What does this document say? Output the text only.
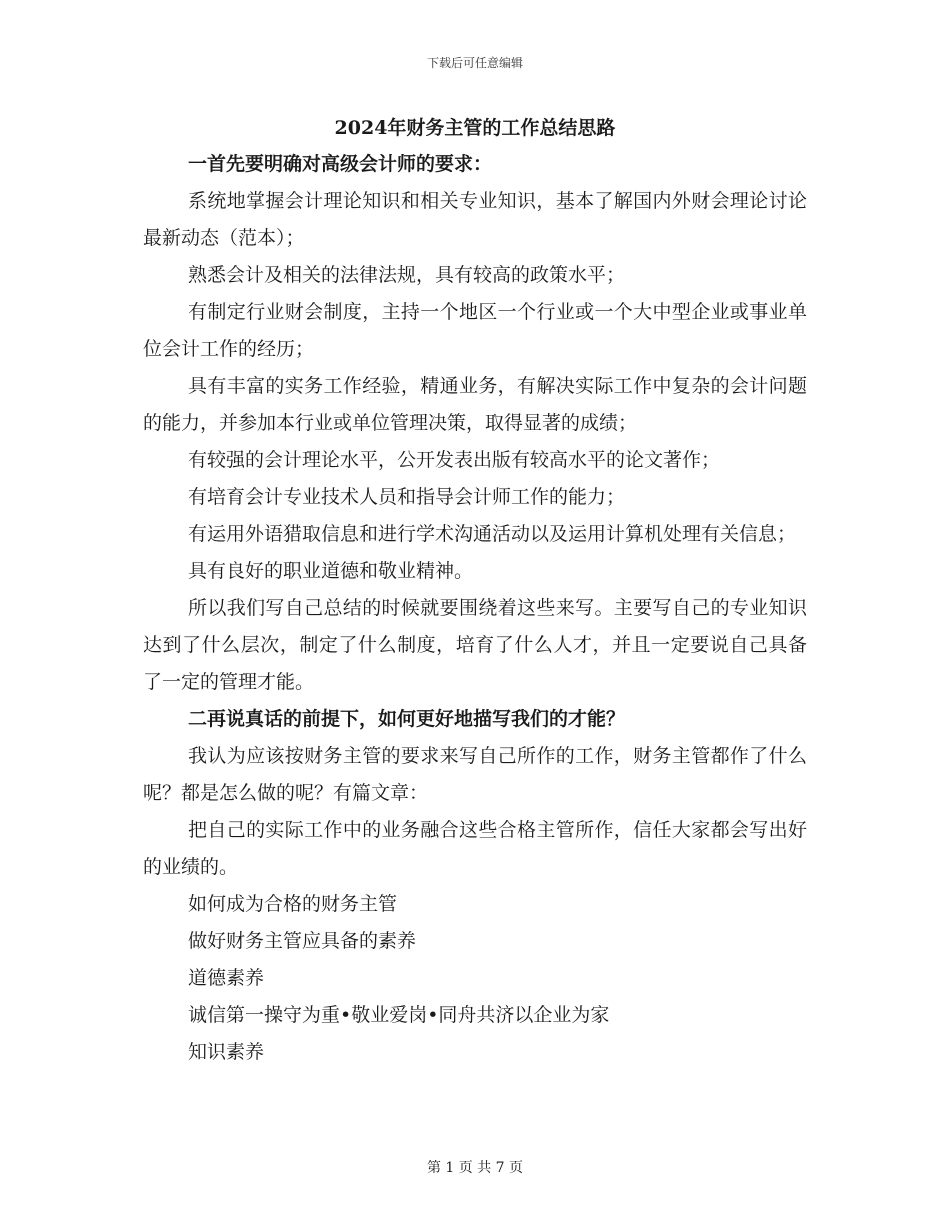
下载后可任意编辑
2024年财务主管的工作总结思路

一首先要明确对高级会计师的要求：

系统地掌握会计理论知识和相关专业知识，基本了解国内外财会理论讨论最新动态（范本）；

熟悉会计及相关的法律法规，具有较高的政策水平；

有制定行业财会制度，主持一个地区一个行业或一个大中型企业或事业单位会计工作的经历；

具有丰富的实务工作经验，精通业务，有解决实际工作中复杂的会计问题的能力，并参加本行业或单位管理决策，取得显著的成绩；

有较强的会计理论水平，公开发表出版有较高水平的论文著作；

有培育会计专业技术人员和指导会计师工作的能力；

有运用外语猎取信息和进行学术沟通活动以及运用计算机处理有关信息；

具有良好的职业道德和敬业精神。

所以我们写自己总结的时候就要围绕着这些来写。主要写自己的专业知识达到了什么层次，制定了什么制度，培育了什么人才，并且一定要说自己具备了一定的管理才能。

二再说真话的前提下，如何更好地描写我们的才能？

我认为应该按财务主管的要求来写自己所作的工作，财务主管都作了什么呢？都是怎么做的呢？有篇文章：

把自己的实际工作中的业务融合这些合格主管所作，信任大家都会写出好的业绩的。

如何成为合格的财务主管

做好财务主管应具备的素养

道德素养

诚信第一操守为重•敬业爱岗•同舟共济以企业为家

知识素养

第 1 页 共 7 页
